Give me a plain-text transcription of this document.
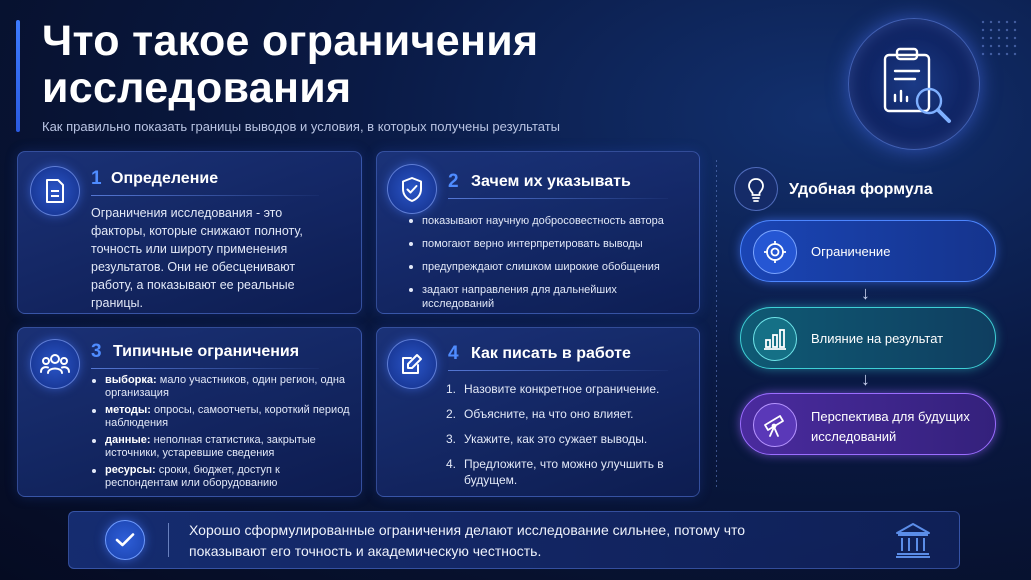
Что такое ограничения исследования
Как правильно показать границы выводов и условия, в которых получены результаты
1 Определение
Ограничения исследования - это факторы, которые снижают полноту, точность или широту применения результатов. Они не обесценивают работу, а показывают ее реальные границы.
2 Зачем их указывать
показывают научную добросовестность автора
помогают верно интерпретировать выводы
предупреждают слишком широкие обобщения
задают направления для дальнейших исследований
3 Типичные ограничения
выборка: мало участников, один регион, одна организация
методы: опросы, самоотчеты, короткий период наблюдения
данные: неполная статистика, закрытые источники, устаревшие сведения
ресурсы: сроки, бюджет, доступ к респондентам или оборудованию
4 Как писать в работе
1. Назовите конкретное ограничение.
2. Объясните, на что оно влияет.
3. Укажите, как это сужает выводы.
4. Предложите, что можно улучшить в будущем.
Удобная формула
Ограничение
↓
Влияние на результат
↓
Перспектива для будущих исследований
Хорошо сформулированные ограничения делают исследование сильнее, потому что показывают его точность и академическую честность.
